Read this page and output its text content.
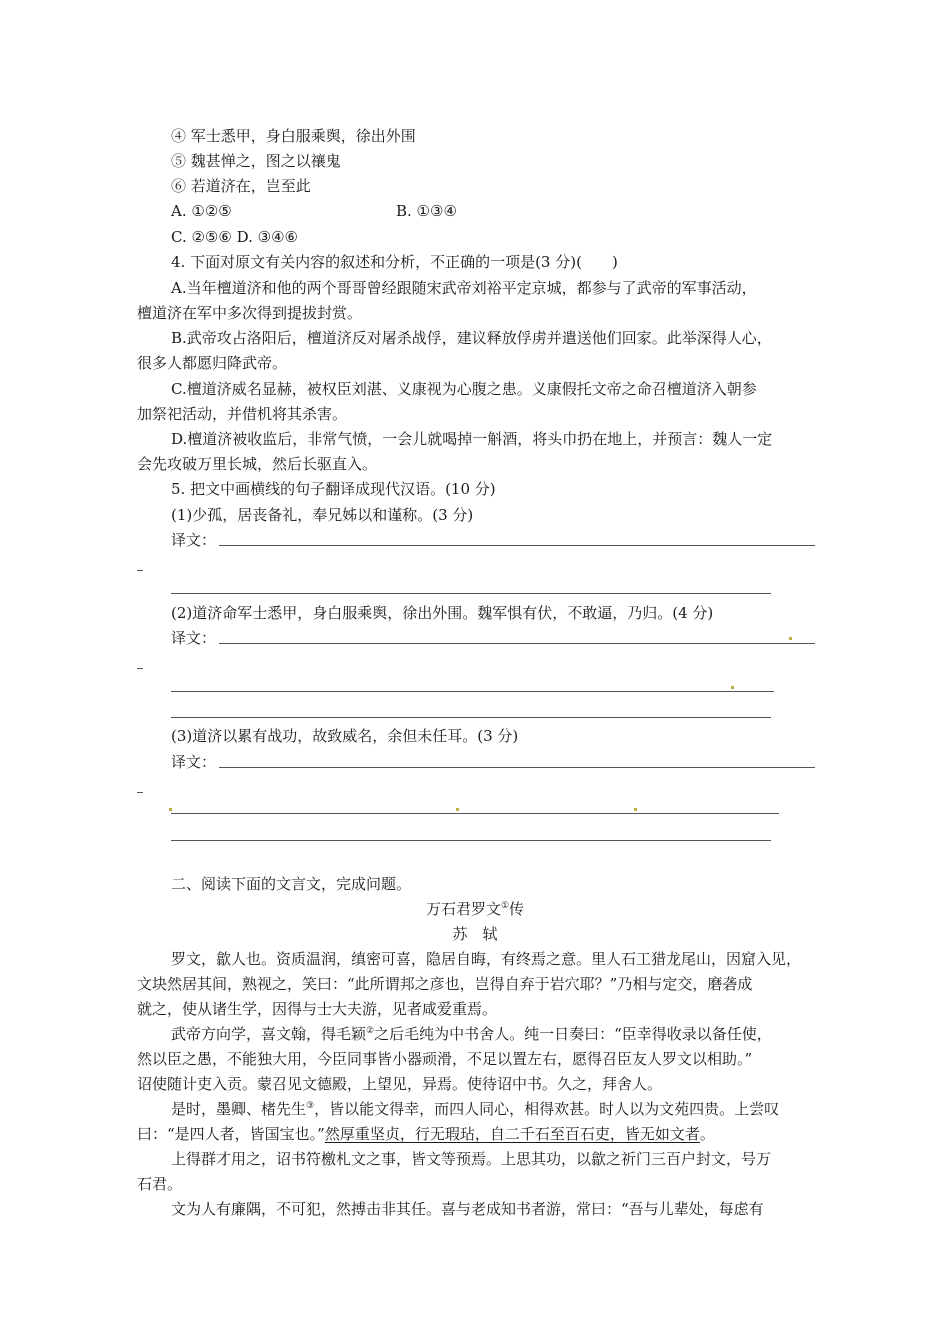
④ 军士悉甲，身白服乘舆，徐出外围
⑤ 魏甚惮之，图之以禳鬼
⑥ 若道济在，岂至此
A. ①②⑤	B. ①③④
C. ②⑤⑥ D. ③④⑥
4. 下面对原文有关内容的叙述和分析，不正确的一项是(3 分)(　　)
A.当年檀道济和他的两个哥哥曾经跟随宋武帝刘裕平定京城，都参与了武帝的军事活动，
檀道济在军中多次得到提拔封赏。
B.武帝攻占洛阳后，檀道济反对屠杀战俘，建议释放俘虏并遣送他们回家。此举深得人心，
很多人都愿归降武帝。
C.檀道济威名显赫，被权臣刘湛、义康视为心腹之患。义康假托文帝之命召檀道济入朝参
加祭祀活动，并借机将其杀害。
D.檀道济被收监后，非常气愤，一会儿就喝掉一斛酒，将头巾扔在地上，并预言：魏人一定
会先攻破万里长城，然后长驱直入。
5. 把文中画横线的句子翻译成现代汉语。(10 分)
(1)少孤，居丧备礼，奉兄姊以和谨称。(3 分)
译文：
(2)道济命军士悉甲，身白服乘舆，徐出外围。魏军惧有伏，不敢逼，乃归。(4 分)
译文：
(3)道济以累有战功，故致威名，余但未任耳。(3 分)
译文：
二、阅读下面的文言文，完成问题。
万石君罗文①传
苏　轼
罗文，歙人也。资质温润，缜密可喜，隐居自晦，有终焉之意。里人石工猎龙尾山，因窟入见，
文块然居其间，熟视之，笑曰：“此所谓邦之彦也，岂得自弃于岩穴耶？”乃相与定交，磨砻成
就之，使从诸生学，因得与士大夫游，见者咸爱重焉。
武帝方向学，喜文翰，得毛颖②之后毛纯为中书舍人。纯一日奏曰：“臣幸得收录以备任使，
然以臣之愚，不能独大用，今臣同事皆小器顽滑，不足以置左右，愿得召臣友人罗文以相助。”
诏使随计吏入贡。蒙召见文德殿，上望见，异焉。使待诏中书。久之，拜舍人。
是时，墨卿、楮先生③，皆以能文得幸，而四人同心，相得欢甚。时人以为文苑四贵。上尝叹
曰：“是四人者，皆国宝也。”然厚重坚贞，行无瑕玷，自二千石至百石吏，皆无如文者。
上得群才用之，诏书符檄札文之事，皆文等预焉。上思其功，以歙之祈门三百户封文，号万
石君。
文为人有廉隅，不可犯，然搏击非其任。喜与老成知书者游，常曰：“吾与儿辈处，每虑有
